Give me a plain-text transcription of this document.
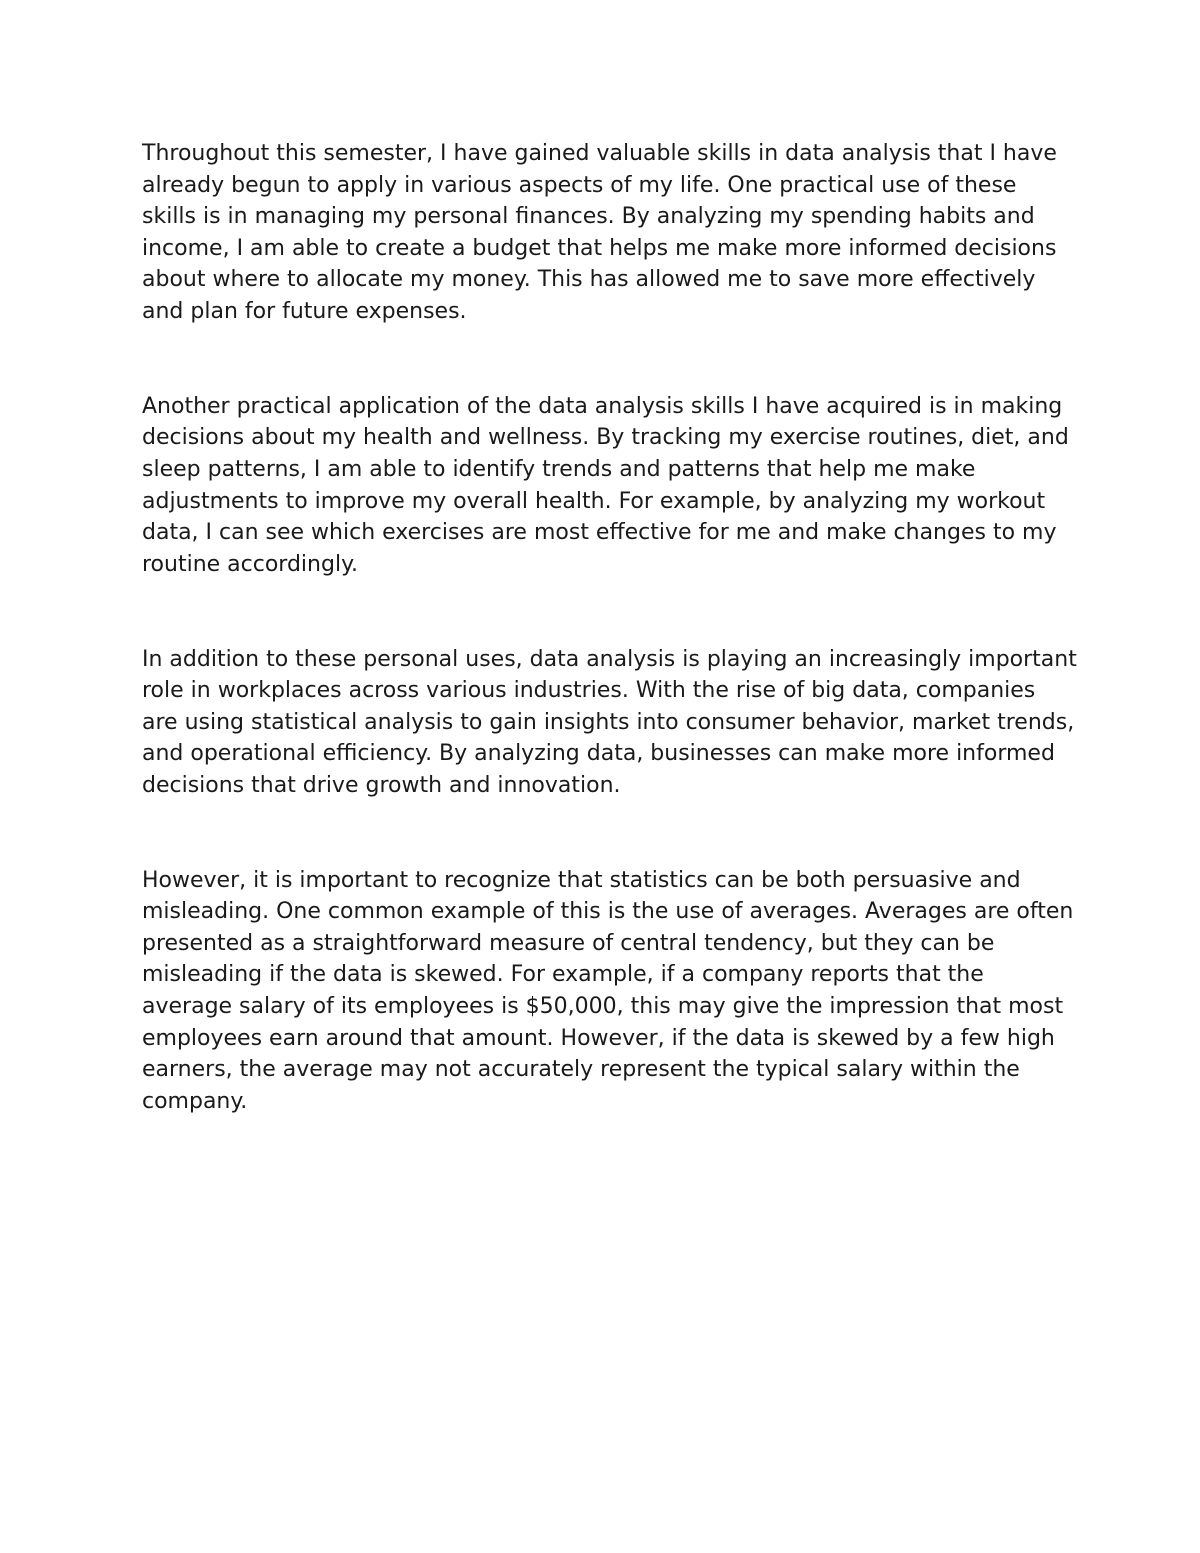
Throughout this semester, I have gained valuable skills in data analysis that I have already begun to apply in various aspects of my life. One practical use of these skills is in managing my personal finances. By analyzing my spending habits and income, I am able to create a budget that helps me make more informed decisions about where to allocate my money. This has allowed me to save more effectively and plan for future expenses.

Another practical application of the data analysis skills I have acquired is in making decisions about my health and wellness. By tracking my exercise routines, diet, and sleep patterns, I am able to identify trends and patterns that help me make adjustments to improve my overall health. For example, by analyzing my workout data, I can see which exercises are most effective for me and make changes to my routine accordingly.

In addition to these personal uses, data analysis is playing an increasingly important role in workplaces across various industries. With the rise of big data, companies are using statistical analysis to gain insights into consumer behavior, market trends, and operational efficiency. By analyzing data, businesses can make more informed decisions that drive growth and innovation.

However, it is important to recognize that statistics can be both persuasive and misleading. One common example of this is the use of averages. Averages are often presented as a straightforward measure of central tendency, but they can be misleading if the data is skewed. For example, if a company reports that the average salary of its employees is $50,000, this may give the impression that most employees earn around that amount. However, if the data is skewed by a few high earners, the average may not accurately represent the typical salary within the company.
